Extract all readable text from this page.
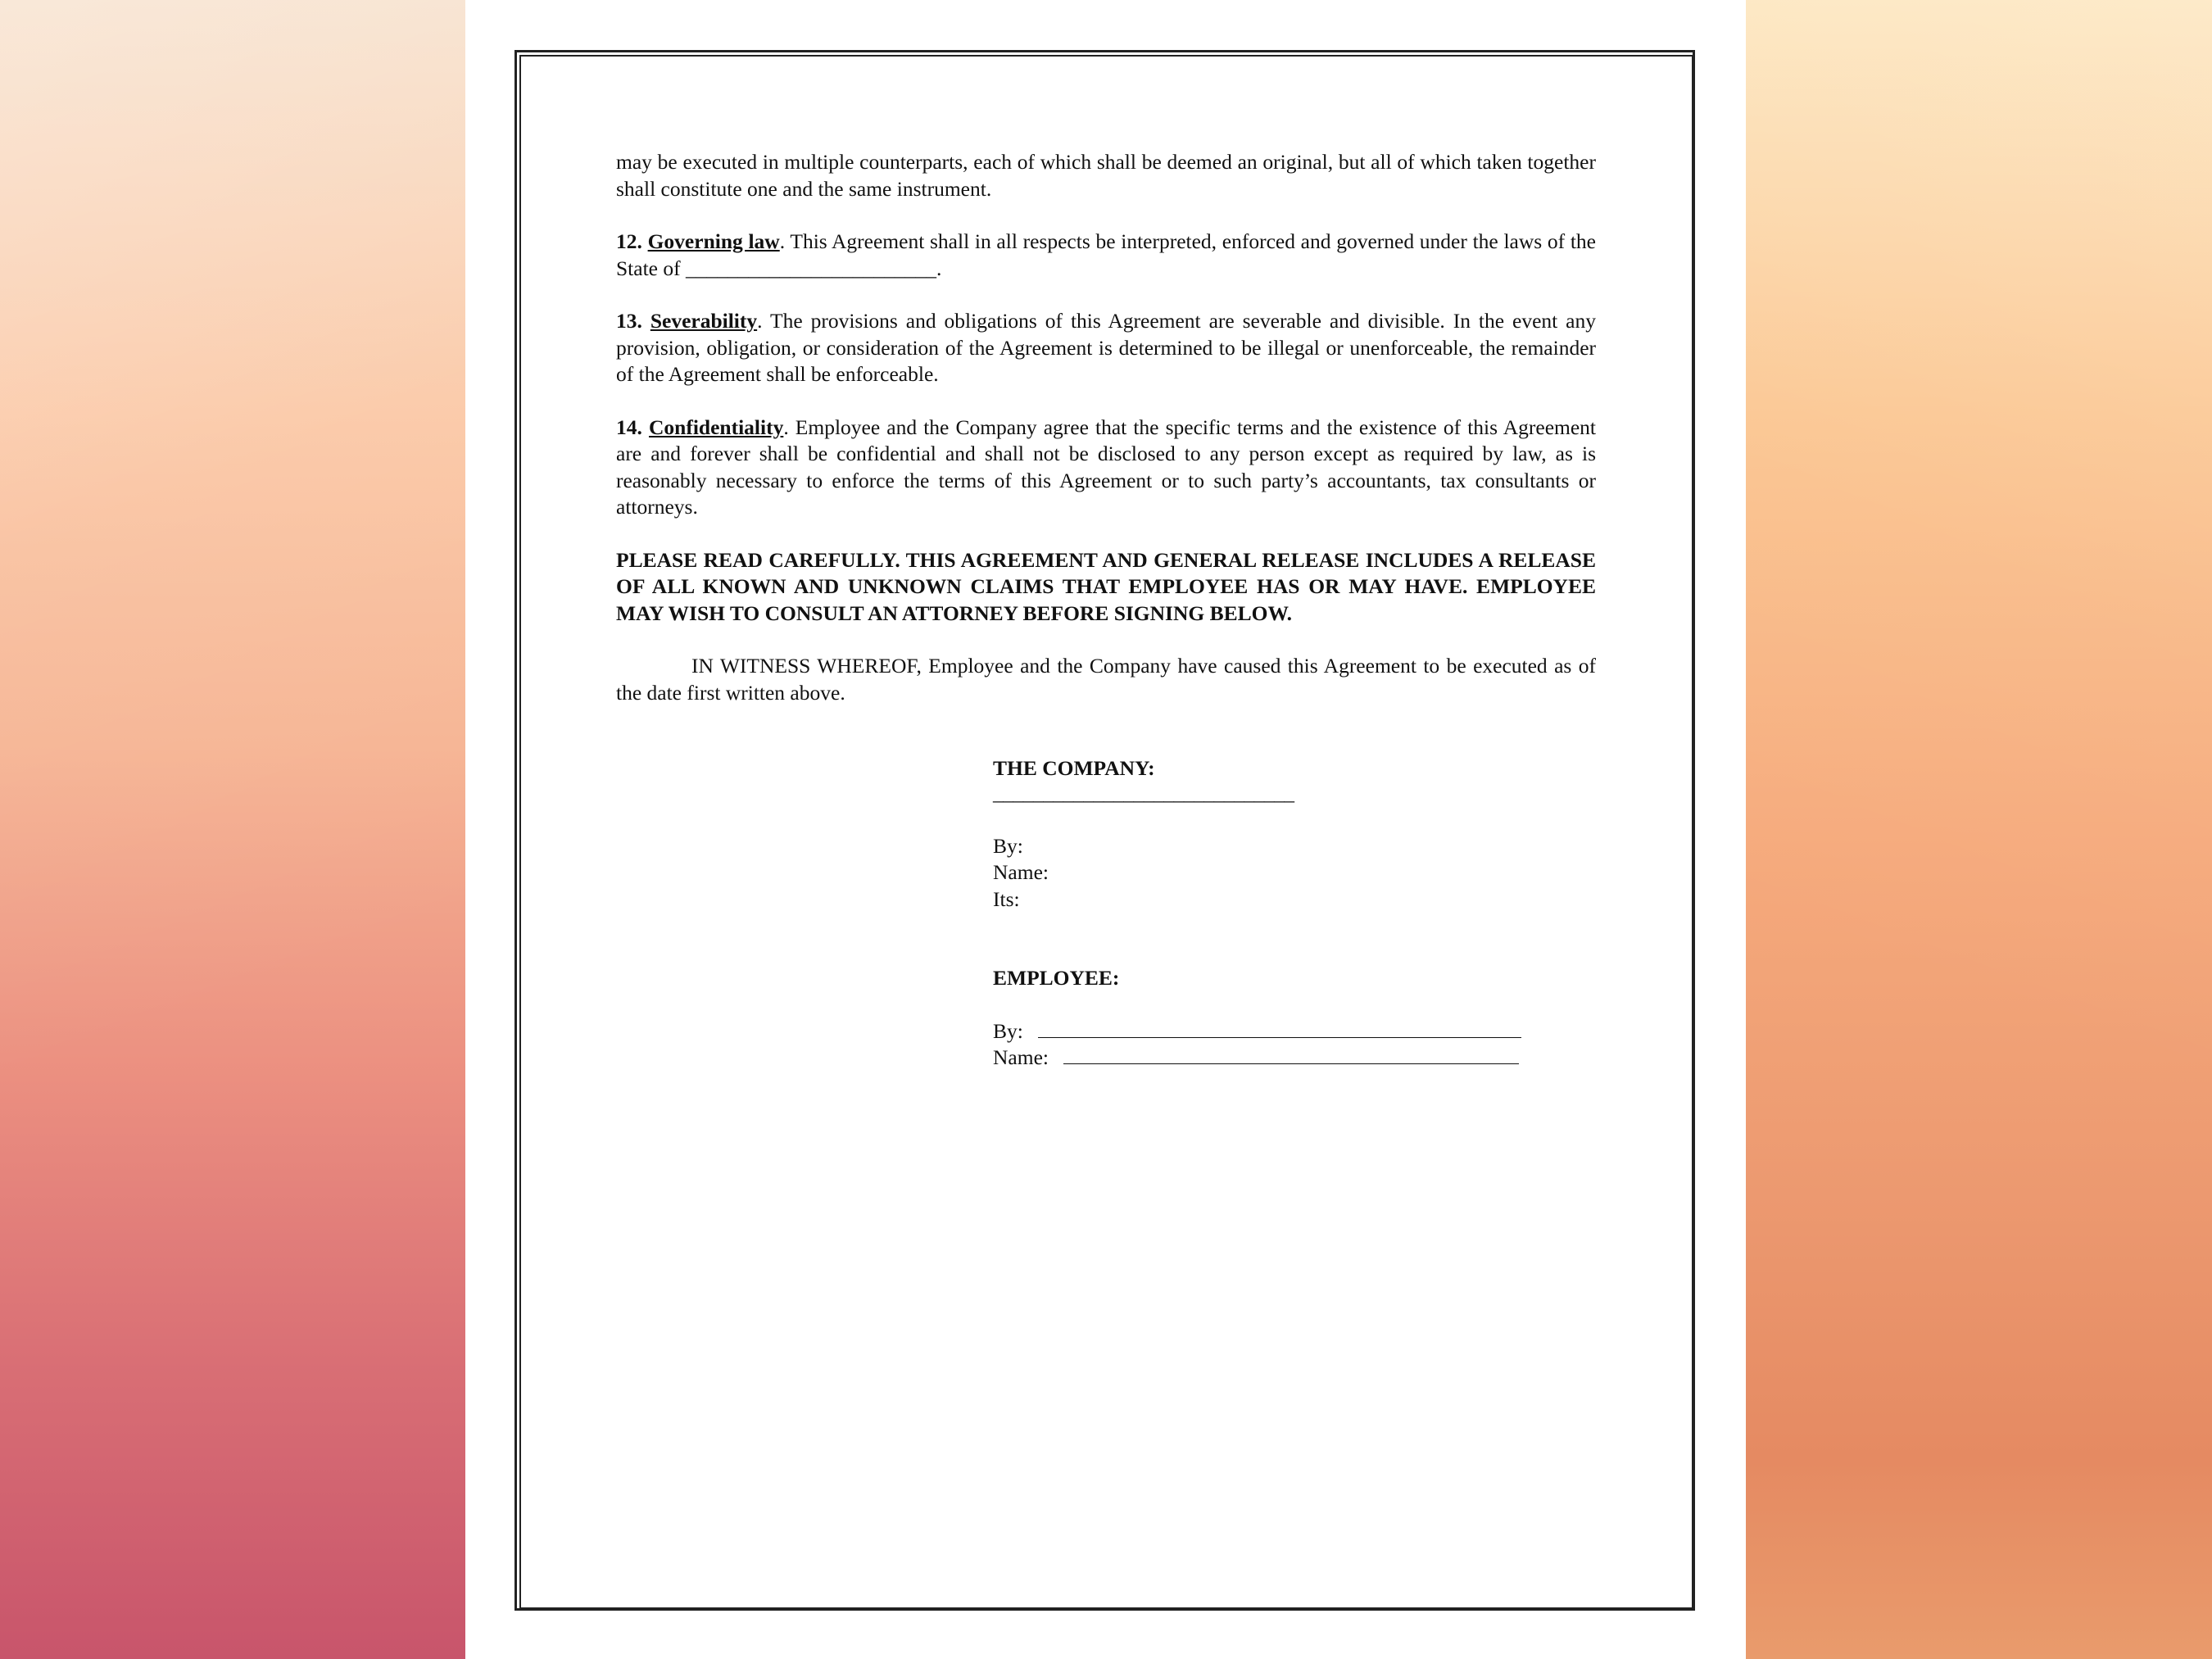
may be executed in multiple counterparts, each of which shall be deemed an original, but all of which taken together shall constitute one and the same instrument.

12. Governing law. This Agreement shall in all respects be interpreted, enforced and governed under the laws of the State of ________________________.

13. Severability. The provisions and obligations of this Agreement are severable and divisible. In the event any provision, obligation, or consideration of the Agreement is determined to be illegal or unenforceable, the remainder of the Agreement shall be enforceable.

14. Confidentiality. Employee and the Company agree that the specific terms and the existence of this Agreement are and forever shall be confidential and shall not be disclosed to any person except as required by law, as is reasonably necessary to enforce the terms of this Agreement or to such party’s accountants, tax consultants or attorneys.

PLEASE READ CAREFULLY. THIS AGREEMENT AND GENERAL RELEASE INCLUDES A RELEASE OF ALL KNOWN AND UNKNOWN CLAIMS THAT EMPLOYEE HAS OR MAY HAVE. EMPLOYEE MAY WISH TO CONSULT AN ATTORNEY BEFORE SIGNING BELOW.

IN WITNESS WHEREOF, Employee and the Company have caused this Agreement to be executed as of the date first written above.

THE COMPANY:
______________________________
By:
Name:
Its:
EMPLOYEE:
By:
Name:
